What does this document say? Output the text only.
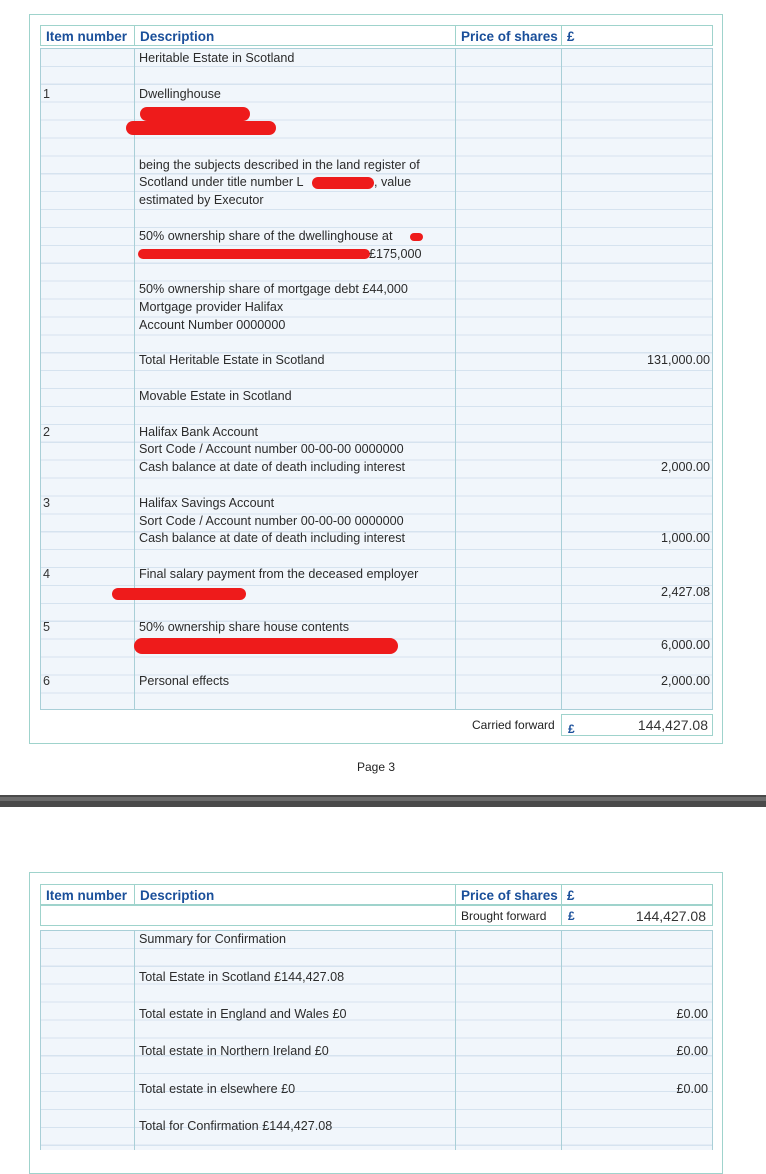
Item number Description	Price of shares £
Heritable Estate in Scotland
1	Dwellinghouse
being the subjects described in the land register of
Scotland under title number L	, value
estimated by Executor
50% ownership share of the dwellinghouse at
£175,000
50% ownership share of mortgage debt £44,000
Mortgage provider Halifax
Account Number 0000000
Total Heritable Estate in Scotland	131,000.00
Movable Estate in Scotland
2	Halifax Bank Account
Sort Code / Account number 00-00-00 0000000
Cash balance at date of death including interest	2,000.00
3	Halifax Savings Account
Sort Code / Account number 00-00-00 0000000
Cash balance at date of death including interest	1,000.00
4	Final salary payment from the deceased employer
2,427.08
5	50% ownership share house contents
6,000.00
6	Personal effects	2,000.00
Carried forward £	144,427.08
Page 3
Item number Description	Price of shares £
Brought forward	£	144,427.08
Summary for Confirmation
Total Estate in Scotland £144,427.08
Total estate in England and Wales £0	£0.00
Total estate in Northern Ireland £0	£0.00
Total estate in elsewhere £0	£0.00
Total for Confirmation £144,427.08
